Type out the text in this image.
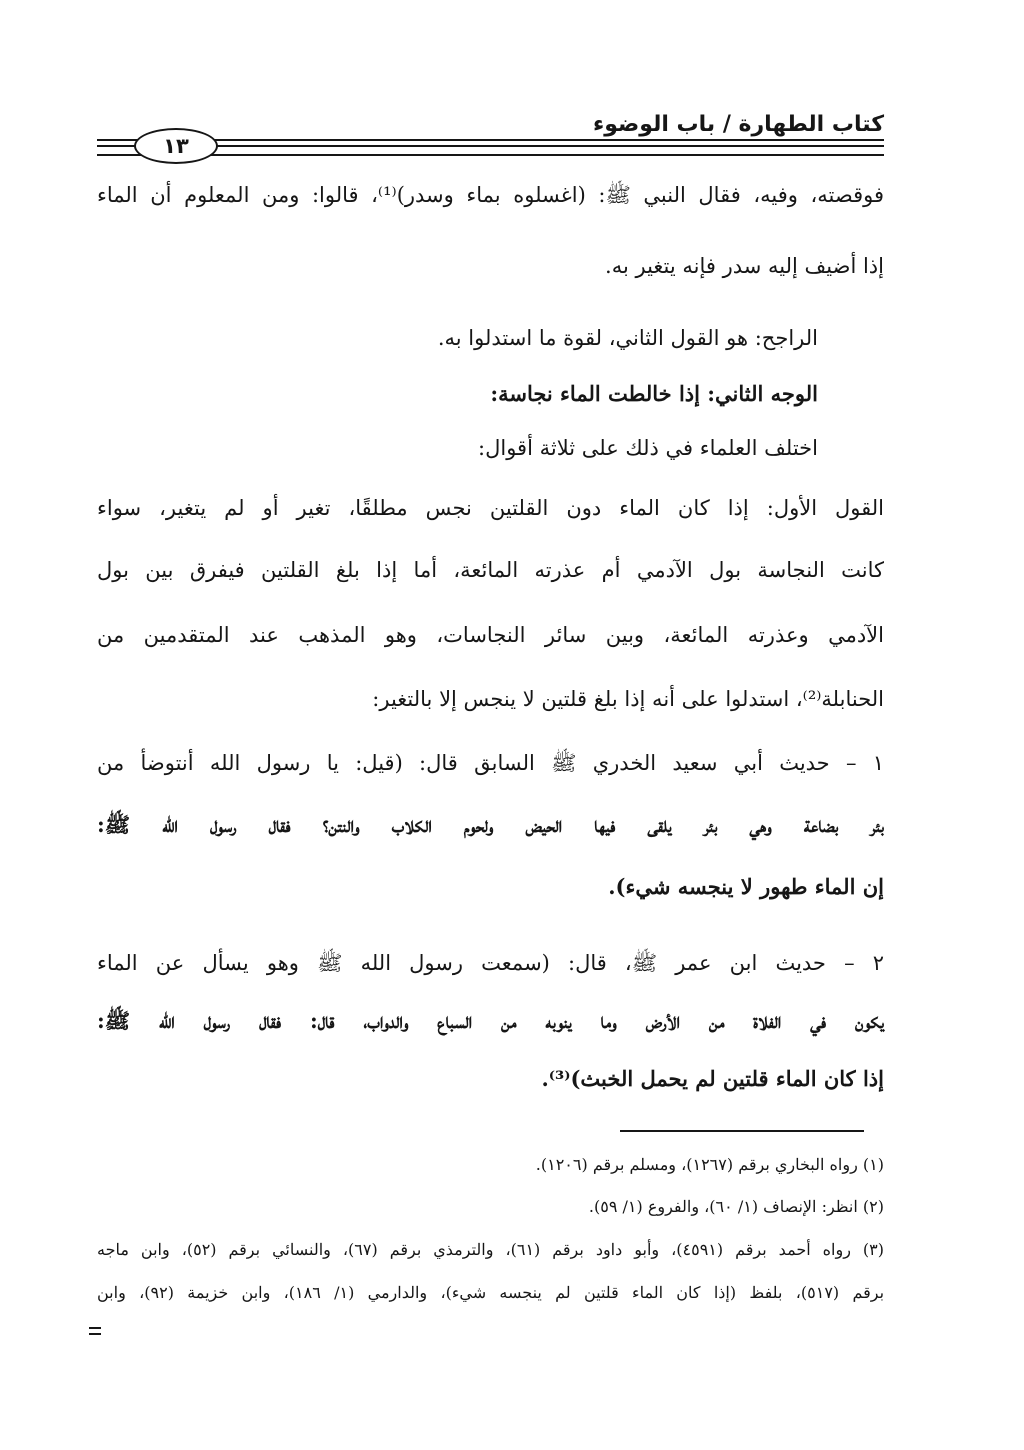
كتاب الطهارة / باب الوضوء
١٣
فوقصته، وفيه، فقال النبي ﷺ: (اغسلوه بماء وسدر)⁽¹⁾، قالوا: ومن المعلوم أن الماء
إذا أضيف إليه سدر فإنه يتغير به.
الراجح: هو القول الثاني، لقوة ما استدلوا به.
الوجه الثاني: إذا خالطت الماء نجاسة:
اختلف العلماء في ذلك على ثلاثة أقوال:
القول الأول: إذا كان الماء دون القلتين نجس مطلقًا، تغير أو لم يتغير، سواء
كانت النجاسة بول الآدمي أم عذرته المائعة، أما إذا بلغ القلتين فيفرق بين بول
الآدمي وعذرته المائعة، وبين سائر النجاسات، وهو المذهب عند المتقدمين من
الحنابلة⁽²⁾، استدلوا على أنه إذا بلغ قلتين لا ينجس إلا بالتغير:
١ – حديث أبي سعيد الخدري ﷺ السابق قال: (قيل: يا رسول الله أنتوضأ من
بئر بضاعة وهي بئر يلقى فيها الحيض ولحوم الكلاب والنتن؟ فقال رسول الله ﷺ:
إن الماء طهور لا ينجسه شيء).
٢ – حديث ابن عمر ﷺ، قال: (سمعت رسول الله ﷺ وهو يسأل عن الماء
يكون في الفلاة من الأرض وما ينوبه من السباع والدواب، قال: فقال رسول الله ﷺ:
إذا كان الماء قلتين لم يحمل الخبث)⁽³⁾.
(١) رواه البخاري برقم (١٢٦٧)، ومسلم برقم (١٢٠٦).
(٢) انظر: الإنصاف (١/ ٦٠)، والفروع (١/ ٥٩).
(٣) رواه أحمد برقم (٤٥٩١)، وأبو داود برقم (٦١)، والترمذي برقم (٦٧)، والنسائي برقم (٥٢)، وابن ماجه
برقم (٥١٧)، بلفظ (إذا كان الماء قلتين لم ينجسه شيء)، والدارمي (١/ ١٨٦)، وابن خزيمة (٩٢)، وابن
